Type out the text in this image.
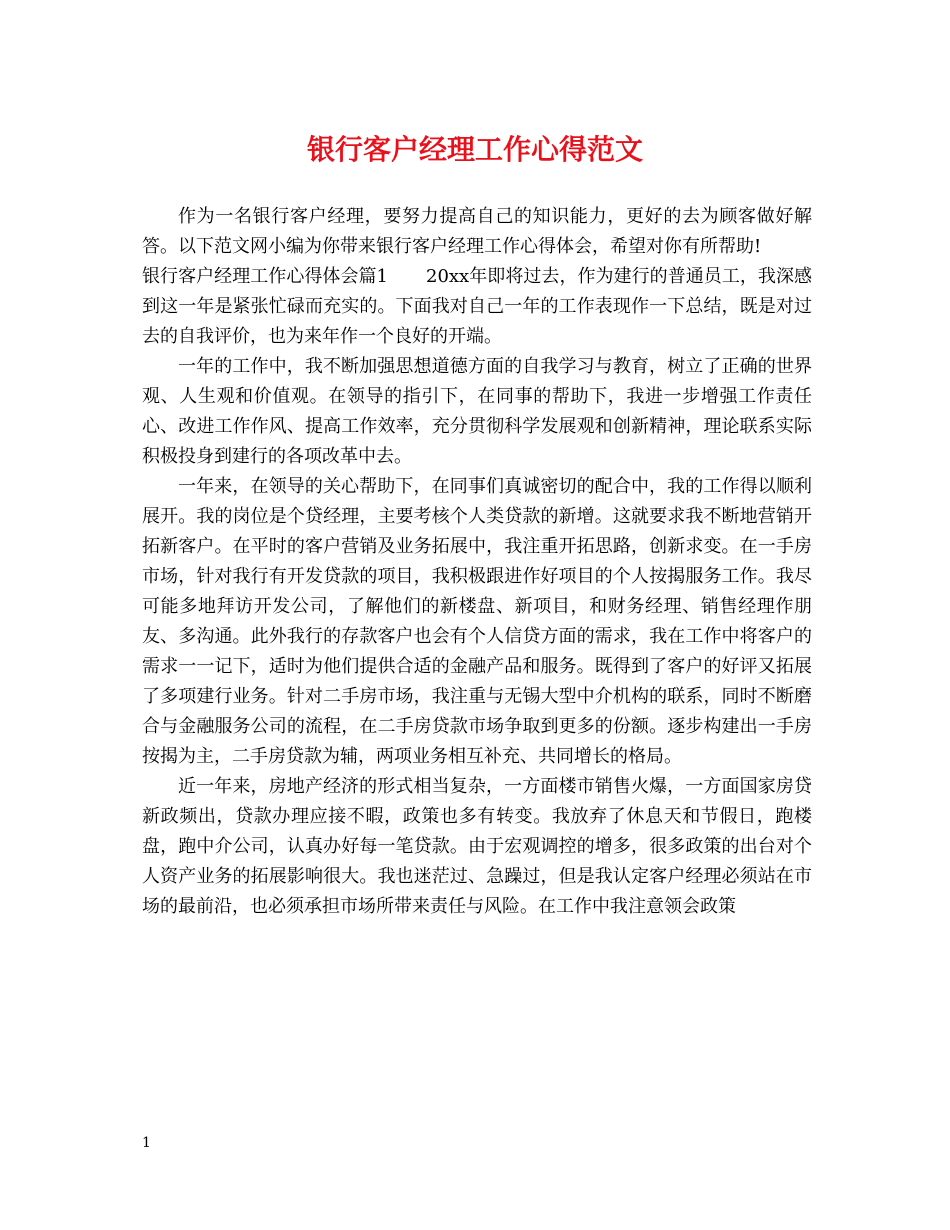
银行客户经理工作心得范文

作为一名银行客户经理，要努力提高自己的知识能力，更好的去为顾客做好解答。以下范文网小编为你带来银行客户经理工作心得体会，希望对你有所帮助!

银行客户经理工作心得体会篇1 20xx年即将过去，作为建行的普通员工，我深感到这一年是紧张忙碌而充实的。下面我对自己一年的工作表现作一下总结，既是对过去的自我评价，也为来年作一个良好的开端。

一年的工作中，我不断加强思想道德方面的自我学习与教育，树立了正确的世界观、人生观和价值观。在领导的指引下，在同事的帮助下，我进一步增强工作责任心、改进工作作风、提高工作效率，充分贯彻科学发展观和创新精神，理论联系实际积极投身到建行的各项改革中去。

一年来，在领导的关心帮助下，在同事们真诚密切的配合中，我的工作得以顺利展开。我的岗位是个贷经理，主要考核个人类贷款的新增。这就要求我不断地营销开拓新客户。在平时的客户营销及业务拓展中，我注重开拓思路，创新求变。在一手房市场，针对我行有开发贷款的项目，我积极跟进作好项目的个人按揭服务工作。我尽可能多地拜访开发公司，了解他们的新楼盘、新项目，和财务经理、销售经理作朋友、多沟通。此外我行的存款客户也会有个人信贷方面的需求，我在工作中将客户的需求一一记下，适时为他们提供合适的金融产品和服务。既得到了客户的好评又拓展了多项建行业务。针对二手房市场，我注重与无锡大型中介机构的联系，同时不断磨合与金融服务公司的流程，在二手房贷款市场争取到更多的份额。逐步构建出一手房按揭为主，二手房贷款为辅，两项业务相互补充、共同增长的格局。

近一年来，房地产经济的形式相当复杂，一方面楼市销售火爆，一方面国家房贷新政频出，贷款办理应接不暇，政策也多有转变。我放弃了休息天和节假日，跑楼盘，跑中介公司，认真办好每一笔贷款。由于宏观调控的增多，很多政策的出台对个人资产业务的拓展影响很大。我也迷茫过、急躁过，但是我认定客户经理必须站在市场的最前沿，也必须承担市场所带来责任与风险。在工作中我注意领会政策

1
